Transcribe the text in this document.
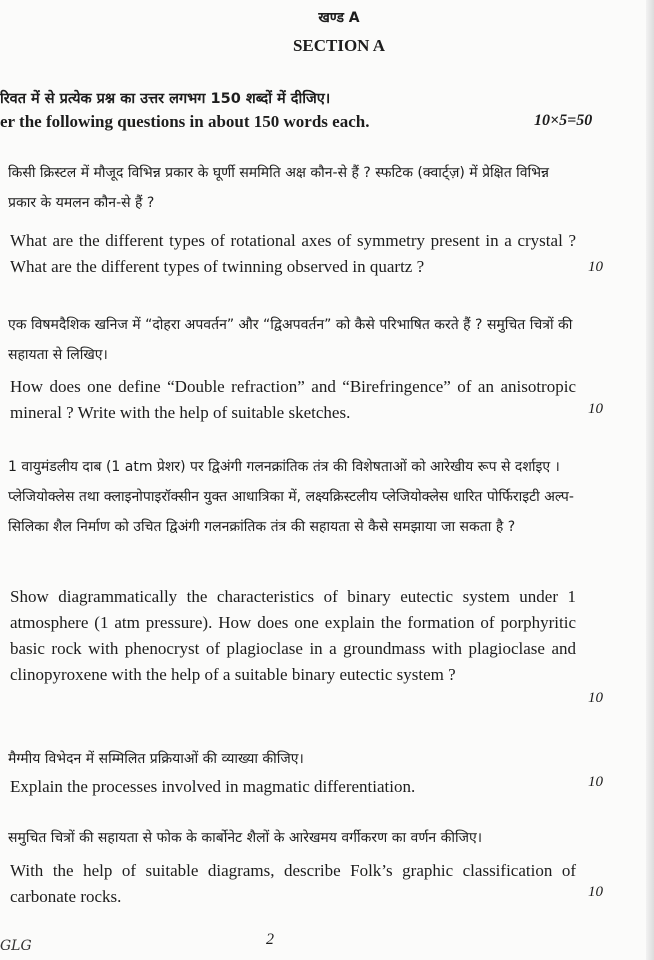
खण्ड A
SECTION A
रिवत में से प्रत्येक प्रश्न का उत्तर लगभग 150 शब्दों में दीजिए।
er the following questions in about 150 words each.	10×5=50
किसी क्रिस्टल में मौजूद विभिन्न प्रकार के घूर्णी सममिति अक्ष कौन-से हैं ? स्फटिक (क्वार्ट्ज़) में प्रेक्षित विभिन्न प्रकार के यमलन कौन-से हैं ?
What are the different types of rotational axes of symmetry present in a crystal ? What are the different types of twinning observed in quartz ?	10
एक विषमदैशिक खनिज में “दोहरा अपवर्तन” और “द्विअपवर्तन” को कैसे परिभाषित करते हैं ? समुचित चित्रों की सहायता से लिखिए।
How does one define “Double refraction” and “Birefringence” of an anisotropic mineral ? Write with the help of suitable sketches.	10
1 वायुमंडलीय दाब (1 atm प्रेशर) पर द्विअंगी गलनक्रांतिक तंत्र की विशेषताओं को आरेखीय रूप से दर्शाइए । प्लेजियोक्लेस तथा क्लाइनोपाइरॉक्सीन युक्त आधात्रिका में, लक्ष्यक्रिस्टलीय प्लेजियोक्लेस धारित पोर्फिराइटी अल्प-सिलिका शैल निर्माण को उचित द्विअंगी गलनक्रांतिक तंत्र की सहायता से कैसे समझाया जा सकता है ?
Show diagrammatically the characteristics of binary eutectic system under 1 atmosphere (1 atm pressure). How does one explain the formation of porphyritic basic rock with phenocryst of plagioclase in a groundmass with plagioclase and clinopyroxene with the help of a suitable binary eutectic system ?
10
मैग्मीय विभेदन में सम्मिलित प्रक्रियाओं की व्याख्या कीजिए।
Explain the processes involved in magmatic differentiation.	10
समुचित चित्रों की सहायता से फोक के कार्बोनेट शैलों के आरेखमय वर्गीकरण का वर्णन कीजिए।
With the help of suitable diagrams, describe Folk’s graphic classification of carbonate rocks.	10
GLG	2
